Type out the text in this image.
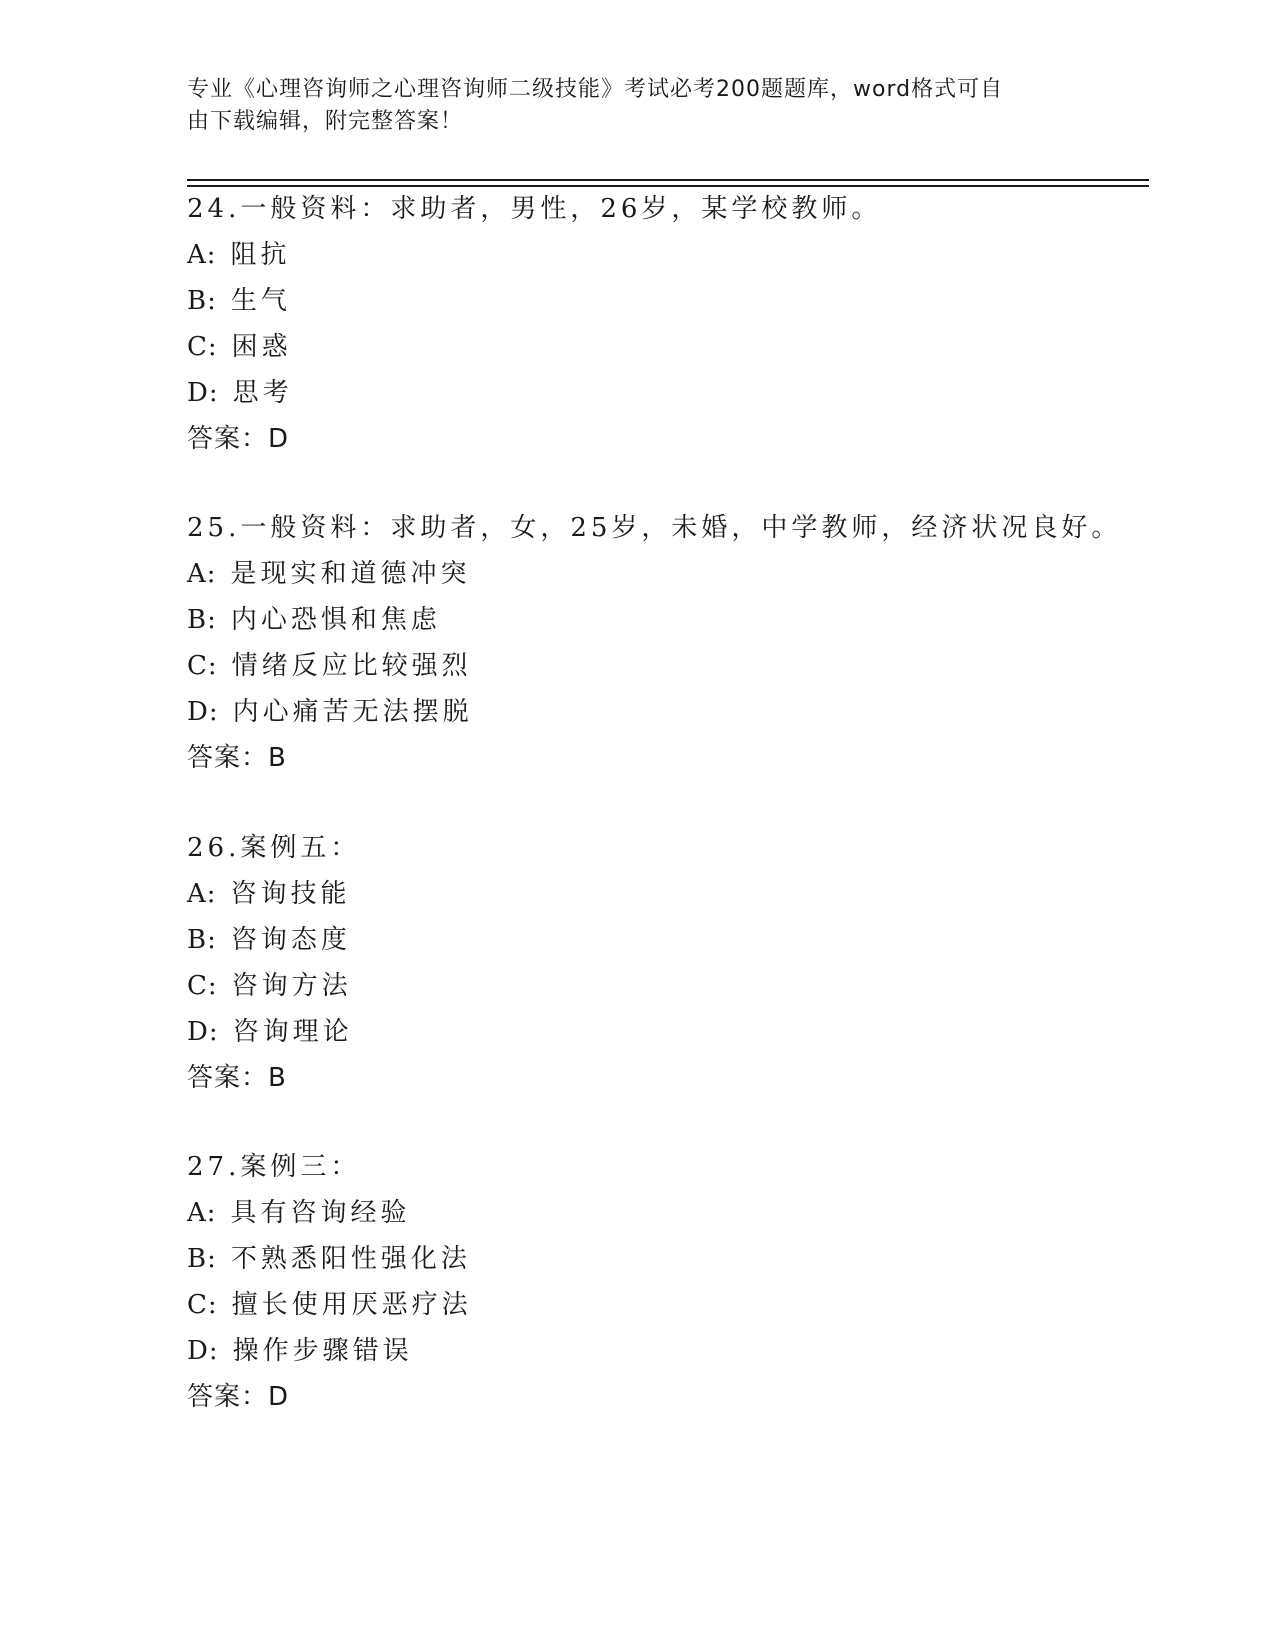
专业《心理咨询师之心理咨询师二级技能》考试必考200题题库，word格式可自
由下载编辑，附完整答案！
24.一般资料：求助者，男性，26岁，某学校教师。
A: 阻抗
B: 生气
C: 困惑
D: 思考
答案：D
25.一般资料：求助者，女，25岁，未婚，中学教师，经济状况良好。
A: 是现实和道德冲突
B: 内心恐惧和焦虑
C: 情绪反应比较强烈
D: 内心痛苦无法摆脱
答案：B
26.案例五：
A: 咨询技能
B: 咨询态度
C: 咨询方法
D: 咨询理论
答案：B
27.案例三：
A: 具有咨询经验
B: 不熟悉阳性强化法
C: 擅长使用厌恶疗法
D: 操作步骤错误
答案：D
